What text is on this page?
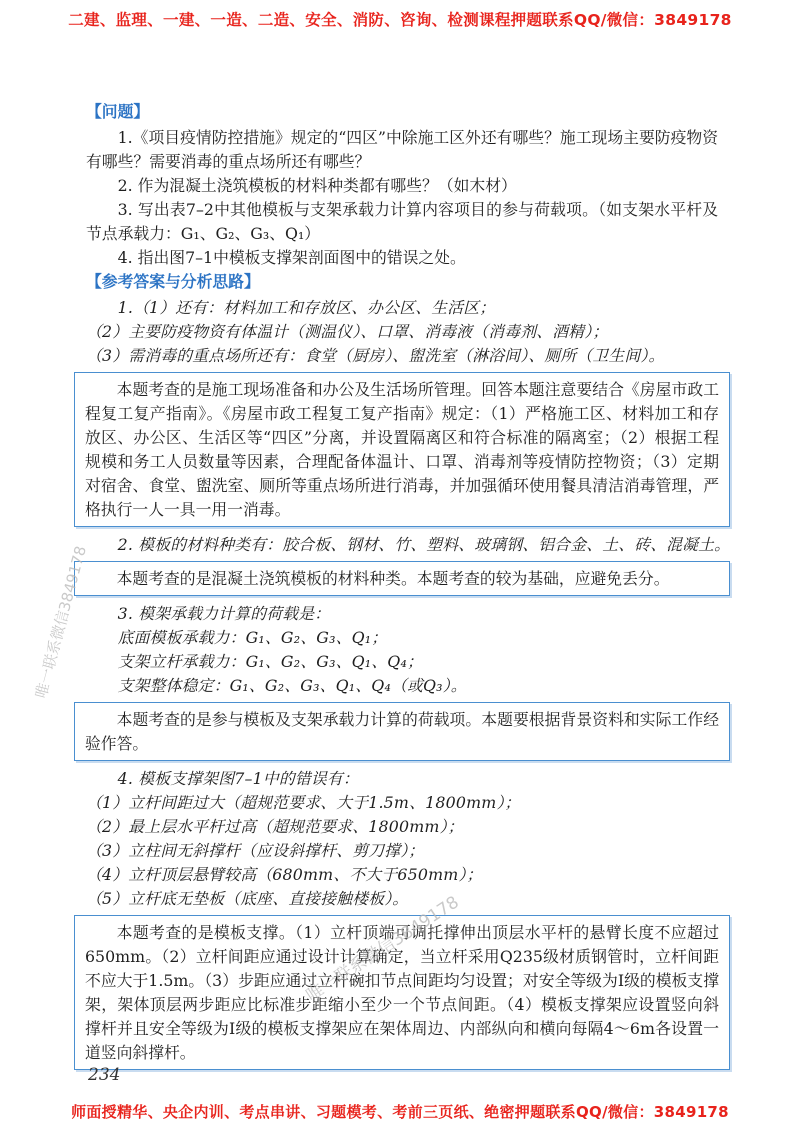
二建、监理、一建、一造、二造、安全、消防、咨询、检测课程押题联系QQ/微信：3849178

【问题】

1.《项目疫情防控措施》规定的“四区”中除施工区外还有哪些？施工现场主要防疫物资有哪些？需要消毒的重点场所还有哪些？

2. 作为混凝土浇筑模板的材料种类都有哪些？（如木材）

3. 写出表7–2中其他模板与支架承载力计算内容项目的参与荷载项。（如支架水平杆及节点承载力：G₁、G₂、G₃、Q₁）

4. 指出图7–1中模板支撑架剖面图中的错误之处。

【参考答案与分析思路】

1.（1）还有：材料加工和存放区、办公区、生活区；

（2）主要防疫物资有体温计（测温仪）、口罩、消毒液（消毒剂、酒精）；

（3）需消毒的重点场所还有：食堂（厨房）、盥洗室（淋浴间）、厕所（卫生间）。

本题考查的是施工现场准备和办公及生活场所管理。回答本题注意要结合《房屋市政工程复工复产指南》。《房屋市政工程复工复产指南》规定：（1）严格施工区、材料加工和存放区、办公区、生活区等“四区”分离，并设置隔离区和符合标准的隔离室；（2）根据工程规模和务工人员数量等因素，合理配备体温计、口罩、消毒剂等疫情防控物资；（3）定期对宿舍、食堂、盥洗室、厕所等重点场所进行消毒，并加强循环使用餐具清洁消毒管理，严格执行一人一具一用一消毒。

2. 模板的材料种类有：胶合板、钢材、竹、塑料、玻璃钢、铝合金、土、砖、混凝土。

本题考查的是混凝土浇筑模板的材料种类。本题考查的较为基础，应避免丢分。

3. 模架承载力计算的荷载是：

底面模板承载力：G₁、G₂、G₃、Q₁；

支架立杆承载力：G₁、G₂、G₃、Q₁、Q₄；

支架整体稳定：G₁、G₂、G₃、Q₁、Q₄（或Q₃）。

本题考查的是参与模板及支架承载力计算的荷载项。本题要根据背景资料和实际工作经验作答。

4. 模板支撑架图7–1中的错误有：

（1）立杆间距过大（超规范要求、大于1.5m、1800mm）；

（2）最上层水平杆过高（超规范要求、1800mm）；

（3）立柱间无斜撑杆（应设斜撑杆、剪刀撑）；

（4）立杆顶层悬臂较高（680mm、不大于650mm）；

（5）立杆底无垫板（底座、直接接触楼板）。

本题考查的是模板支撑。（1）立杆顶端可调托撑伸出顶层水平杆的悬臂长度不应超过650mm。（2）立杆间距应通过设计计算确定，当立杆采用Q235级材质钢管时，立杆间距不应大于1.5m。（3）步距应通过立杆碗扣节点间距均匀设置；对安全等级为Ⅰ级的模板支撑架，架体顶层两步距应比标准步距缩小至少一个节点间距。（4）模板支撑架应设置竖向斜撑杆并且安全等级为Ⅰ级的模板支撑架应在架体周边、内部纵向和横向每隔4～6m各设置一道竖向斜撑杆。

234
唯一联系微信3849178
唯一联系微信3849178
师面授精华、央企内训、考点串讲、习题模考、考前三页纸、绝密押题联系QQ/微信：3849178
